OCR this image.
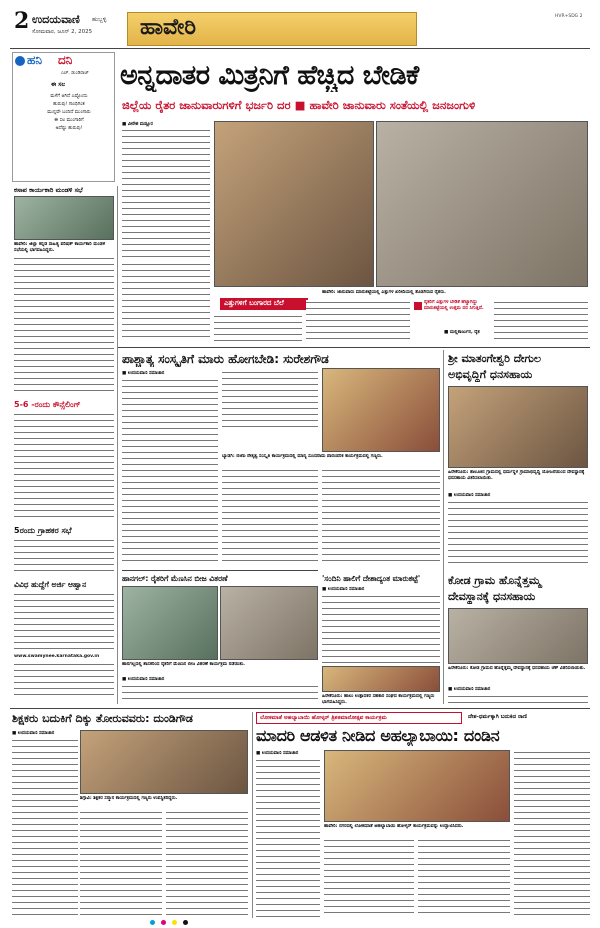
2 ಉದಯವಾಣಿ ಹುಬ್ಬಳ್ಳಿ
ಸೋಮವಾರ, ಜೂನ್ 2, 2025 ಹಾವೇರಿ	HVR+SDG 2
ಹನಿ ದನಿ
ಎಚ್. ಡುಂಡಿರಾಜ್
ಈ ಸಲ
ಮಳೆಗೆ ಆಗಿದೆ ಎಷ್ಟೊಂದು
ಹುರುಪು! ಗಾಂಧಿಗಿಂತ
ಮುನ್ನವೇ ಬಂದಿದೆ ಮುಂಗಾರು
ಈ ಸಲ ಮುಂಗಾರಿಗೆ
ಅದೆಷ್ಟು ಹುರುಪು!
ಅನ್ನದಾತರ ಮಿತ್ರನಿಗೆ ಹೆಚ್ಚಿದ ಬೇಡಿಕೆ
ಜಿಲ್ಲೆಯ ರೈತರ ಜಾನುವಾರುಗಳಿಗೆ ಭರ್ಜರಿ ದರ ■ ಹಾವೇರಿ ಜಾನುವಾರು ಸಂತೆಯಲ್ಲಿ ಜನಜಂಗುಳಿ
■ ವೀರೇಶ ಮಡ್ಲೂರ
ಹಾವೇರಿ: ಜಾನುವಾರು ಮಾರುಕಟ್ಟೆಯಲ್ಲಿ ಎತ್ತುಗಳ ಖರೀದಿಯಲ್ಲಿ ತೊಡಗಿರುವ ರೈತರು.
ಎತ್ತುಗಳಿಗೆ ಬಂಗಾರದ ಬೆಲೆ	ರೈತರಿಗೆ ಎತ್ತುಗಳ ಬೇಡಿಕೆ ಹೆಚ್ಚಾಗಿದ್ದು ಮಾರುಕಟ್ಟೆಯಲ್ಲಿ ಉತ್ತಮ ದರ ಸಿಗುತ್ತಿದೆ.
■ ಮಲ್ಲಿಕಾರ್ಜುನ, ರೈತ
ಕಸಾಪ ಕಾರ್ಯಕಾರಿ ಮಂಡಳಿ ಸಭೆ
ಹಾವೇರಿ: ಜಿಲ್ಲಾ ಕನ್ನಡ ಸಾಹಿತ್ಯ ಪರಿಷತ್ ಕಾರ್ಯಕಾರಿ ಮಂಡಳಿ ಸಭೆಯಲ್ಲಿ ಭಾಗವಹಿಸಿದ್ದರು.
5-6 -ರಂದು ಕೌನ್ಸೆಲಿಂಗ್
5ರಂದು ಗ್ರಾಹಕರ ಸಭೆ
ವಿವಿಧ ಹುದ್ದೆಗೆ ಅರ್ಜಿ ಆಹ್ವಾನ
www.swamynee.karnataka.gov.in
ಪಾಶ್ಚಾತ್ಯ ಸಂಸ್ಕೃತಿಗೆ ಮಾರು ಹೋಗಬೇಡಿ: ಸುರೇಶಗೌಡ
■ ಉದಯವಾಣಿ ಸಮಾಚಾರ
ಬ್ಯಾಡಗಿ: ಬಿಜೆಪಿ ನೇತೃತ್ವ ಸಂಸ್ಕೃತಿ ಕಾರ್ಯಕ್ರಮದಲ್ಲಿ ಮಾನ್ಯ ಸುಂದರಾಮ ಪಾರಂಪರಿಕ ಕಾರ್ಯಕ್ರಮದಲ್ಲಿ ಗಣ್ಯರು.
ಶ್ರೀ ಮಾತಂಗೇಶ್ವರಿ ದೇಗುಲ
ಅಭಿವೃದ್ಧಿಗೆ ಧನಸಹಾಯ
ಹಿರೇಕೆರೂರು: ತಾಲೂಕಿನ ಗ್ರಾಮದಲ್ಲಿ ಧರ್ಮಸ್ಥಳ ಗ್ರಾಮಾಭಿವೃದ್ಧಿ ಯೋಜನೆಯಿಂದ ದೇವಸ್ಥಾನಕ್ಕೆ ಧನಸಹಾಯ ವಿತರಿಸಲಾಯಿತು.
■ ಉದಯವಾಣಿ ಸಮಾಚಾರ
ಹಾನಗಲ್: ರೈತರಿಗೆ ಮೆಣಸಿನ ಬೀಜ ವಿತರಣೆ
ಹಾನಗಲ್ಲದಲ್ಲಿ ಶಾಸಕರಿಂದ ರೈತರಿಗೆ ಮೆಣಸಿನ ಬೀಜ ವಿತರಣೆ ಕಾರ್ಯಕ್ರಮ ನಡೆಯಿತು.
■ ಉದಯವಾಣಿ ಸಮಾಚಾರ
'ಸಂದಿನಿ ಹಾಲಿಗೆ ದೇಶಾದ್ಯಂತ ಮಾರುಕಟ್ಟೆ'
■ ಉದಯವಾಣಿ ಸಮಾಚಾರ
ಹಿರೇಕೆರೂರು: ಹಾಲು ಉತ್ಪಾದಕರ ಸಹಕಾರ ಸಂಘದ ಕಾರ್ಯಕ್ರಮದಲ್ಲಿ ಗಣ್ಯರು ಭಾಗವಹಿಸಿದ್ದರು.
ಕೋಡ ಗ್ರಾಮ ಹೊನ್ನೆತ್ತಮ್ಮ
ದೇವಸ್ಥಾನಕ್ಕೆ ಧನಸಹಾಯ
ಹಿರೇಕೆರೂರು: ಕೋಡ ಗ್ರಾಮದ ಹೊನ್ನೆತ್ತಮ್ಮ ದೇವಸ್ಥಾನಕ್ಕೆ ಧನಸಹಾಯ ಚೆಕ್ ವಿತರಿಸಲಾಯಿತು.
■ ಉದಯವಾಣಿ ಸಮಾಚಾರ
ಶಿಕ್ಷಕರು ಬದುಕಿಗೆ ದಿಕ್ಕು ತೋರುವವರು: ದುಂಡಿಗೌಡ
■ ಉದಯವಾಣಿ ಸಮಾಚಾರ
ಶಿಗ್ಗಾವಿ: ಶಿಕ್ಷಕರ ಸನ್ಮಾನ ಕಾರ್ಯಕ್ರಮದಲ್ಲಿ ಗಣ್ಯರು ಉಪಸ್ಥಿತರಿದ್ದರು.
ಲೋಕಮಾತೆ ಅಹಲ್ಯಾಬಾಯಿ ಹೋಳ್ಕರ್ ತ್ರಿಶತಮಾನೋತ್ಸವ ಕಾರ್ಯಕ್ರಮ	ದೇಶ-ಧರ್ಮಕ್ಕಾಗಿ ಬದುಕಿದ ರಾಣಿ
ಮಾದರಿ ಆಡಳಿತ ನೀಡಿದ ಅಹಲ್ಯಾಬಾಯಿ: ದಂಡಿನ
■ ಉದಯವಾಣಿ ಸಮಾಚಾರ
ಹಾವೇರಿ: ನಗರದಲ್ಲಿ ಲೋಕಮಾತೆ ಅಹಲ್ಯಾಬಾಯಿ ಹೋಳ್ಕರ್ ಕಾರ್ಯಕ್ರಮವನ್ನು ಉದ್ಘಾಟಿಸಿದರು.
